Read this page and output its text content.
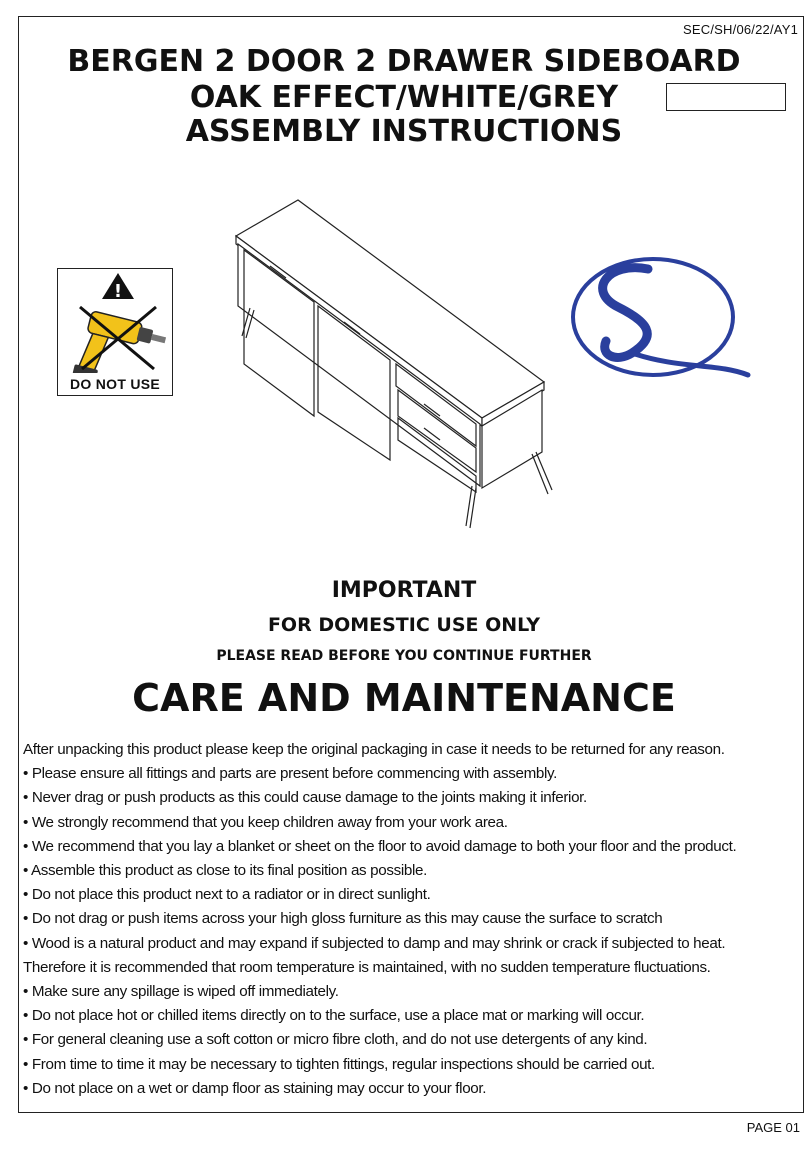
SEC/SH/06/22/AY1
BERGEN 2 DOOR 2 DRAWER SIDEBOARD
OAK EFFECT/WHITE/GREY
ASSEMBLY INSTRUCTIONS
!
DO NOT USE
IMPORTANT
FOR DOMESTIC USE ONLY
PLEASE READ BEFORE YOU CONTINUE FURTHER
CARE AND MAINTENANCE
After unpacking this product please keep the original packaging in case it needs to be returned for any reason.
• Please ensure all fittings and parts are present before commencing with assembly.
• Never drag or push products as this could cause damage to the joints making it inferior.
• We strongly recommend that you keep children away from your work area.
• We recommend that you lay a blanket or sheet on the floor to avoid damage to both your floor and the product.
• Assemble this product as close to its final position as possible.
• Do not place this product next to a radiator or in direct sunlight.
• Do not drag or push items across your high gloss furniture as this may cause the surface to scratch
• Wood is a natural product and may expand if subjected to damp and may shrink or crack if subjected to heat.
Therefore it is recommended that room temperature is maintained, with no sudden temperature fluctuations.
• Make sure any spillage is wiped off immediately.
• Do not place hot or chilled items directly on to the surface, use a place mat or marking will occur.
• For general cleaning use a soft cotton or micro fibre cloth, and do not use detergents of any kind.
• From time to time it may be necessary to tighten fittings, regular inspections should be carried out.
• Do not place on a wet or damp floor as staining may occur to your floor.
PAGE 01
